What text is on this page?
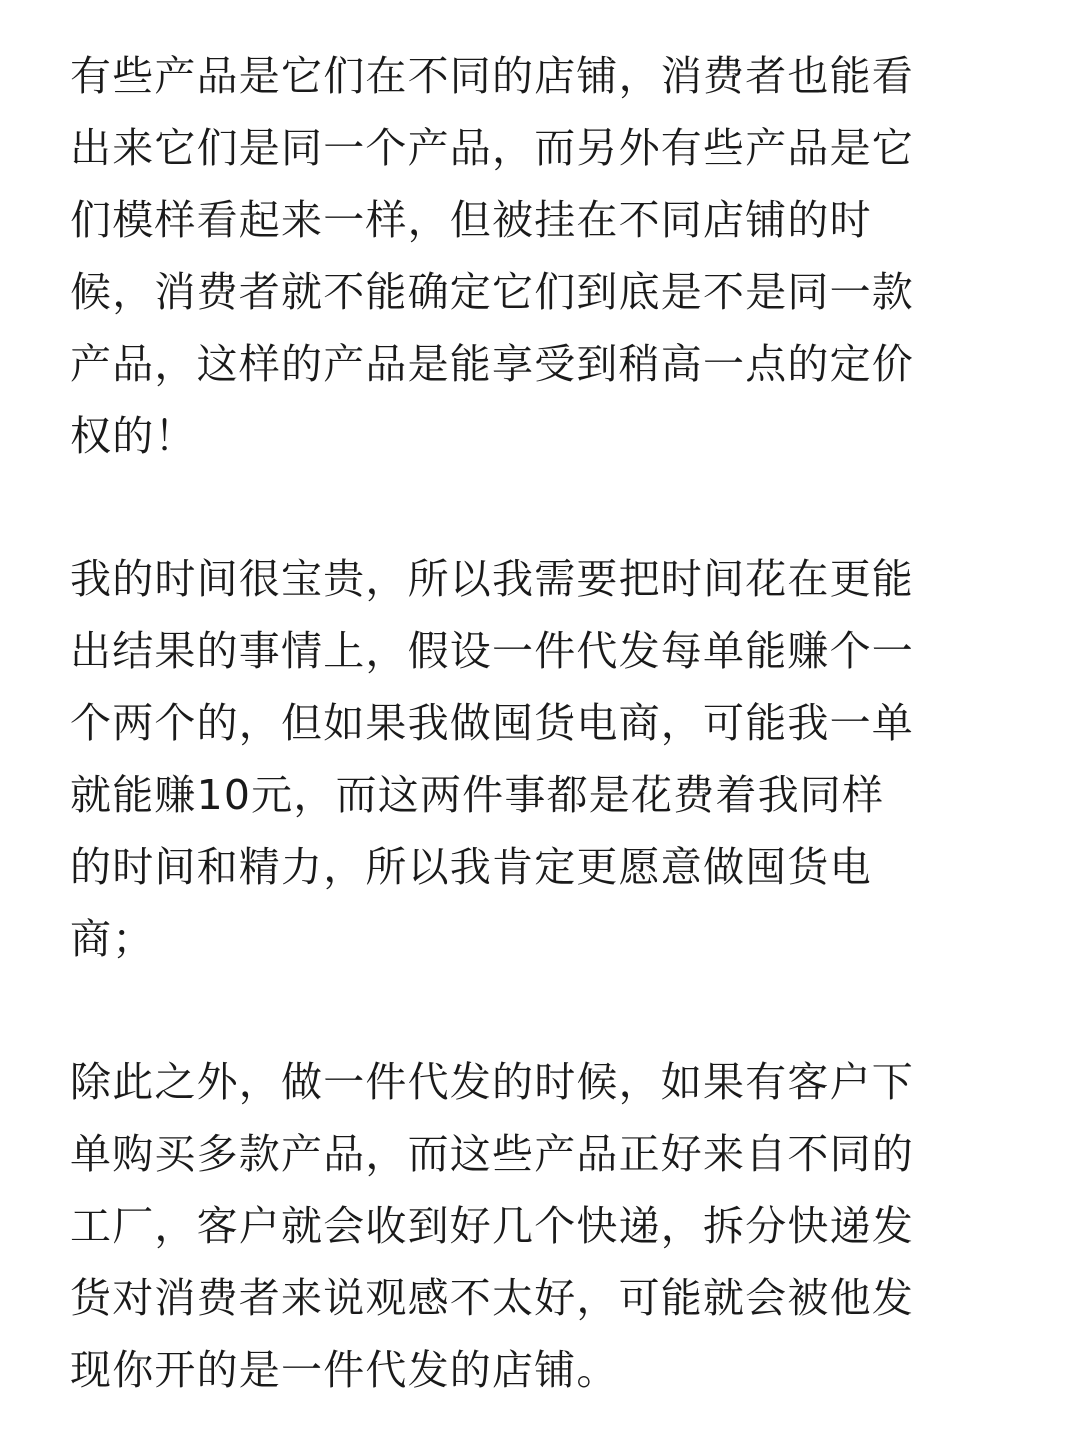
有些产品是它们在不同的店铺，消费者也能看
出来它们是同一个产品，而另外有些产品是它
们模样看起来一样，但被挂在不同店铺的时
候，消费者就不能确定它们到底是不是同一款
产品，这样的产品是能享受到稍高一点的定价
权的！
我的时间很宝贵，所以我需要把时间花在更能
出结果的事情上，假设一件代发每单能赚个一
个两个的，但如果我做囤货电商，可能我一单
就能赚10元，而这两件事都是花费着我同样
的时间和精力，所以我肯定更愿意做囤货电
商；
除此之外，做一件代发的时候，如果有客户下
单购买多款产品，而这些产品正好来自不同的
工厂，客户就会收到好几个快递，拆分快递发
货对消费者来说观感不太好，可能就会被他发
现你开的是一件代发的店铺。
